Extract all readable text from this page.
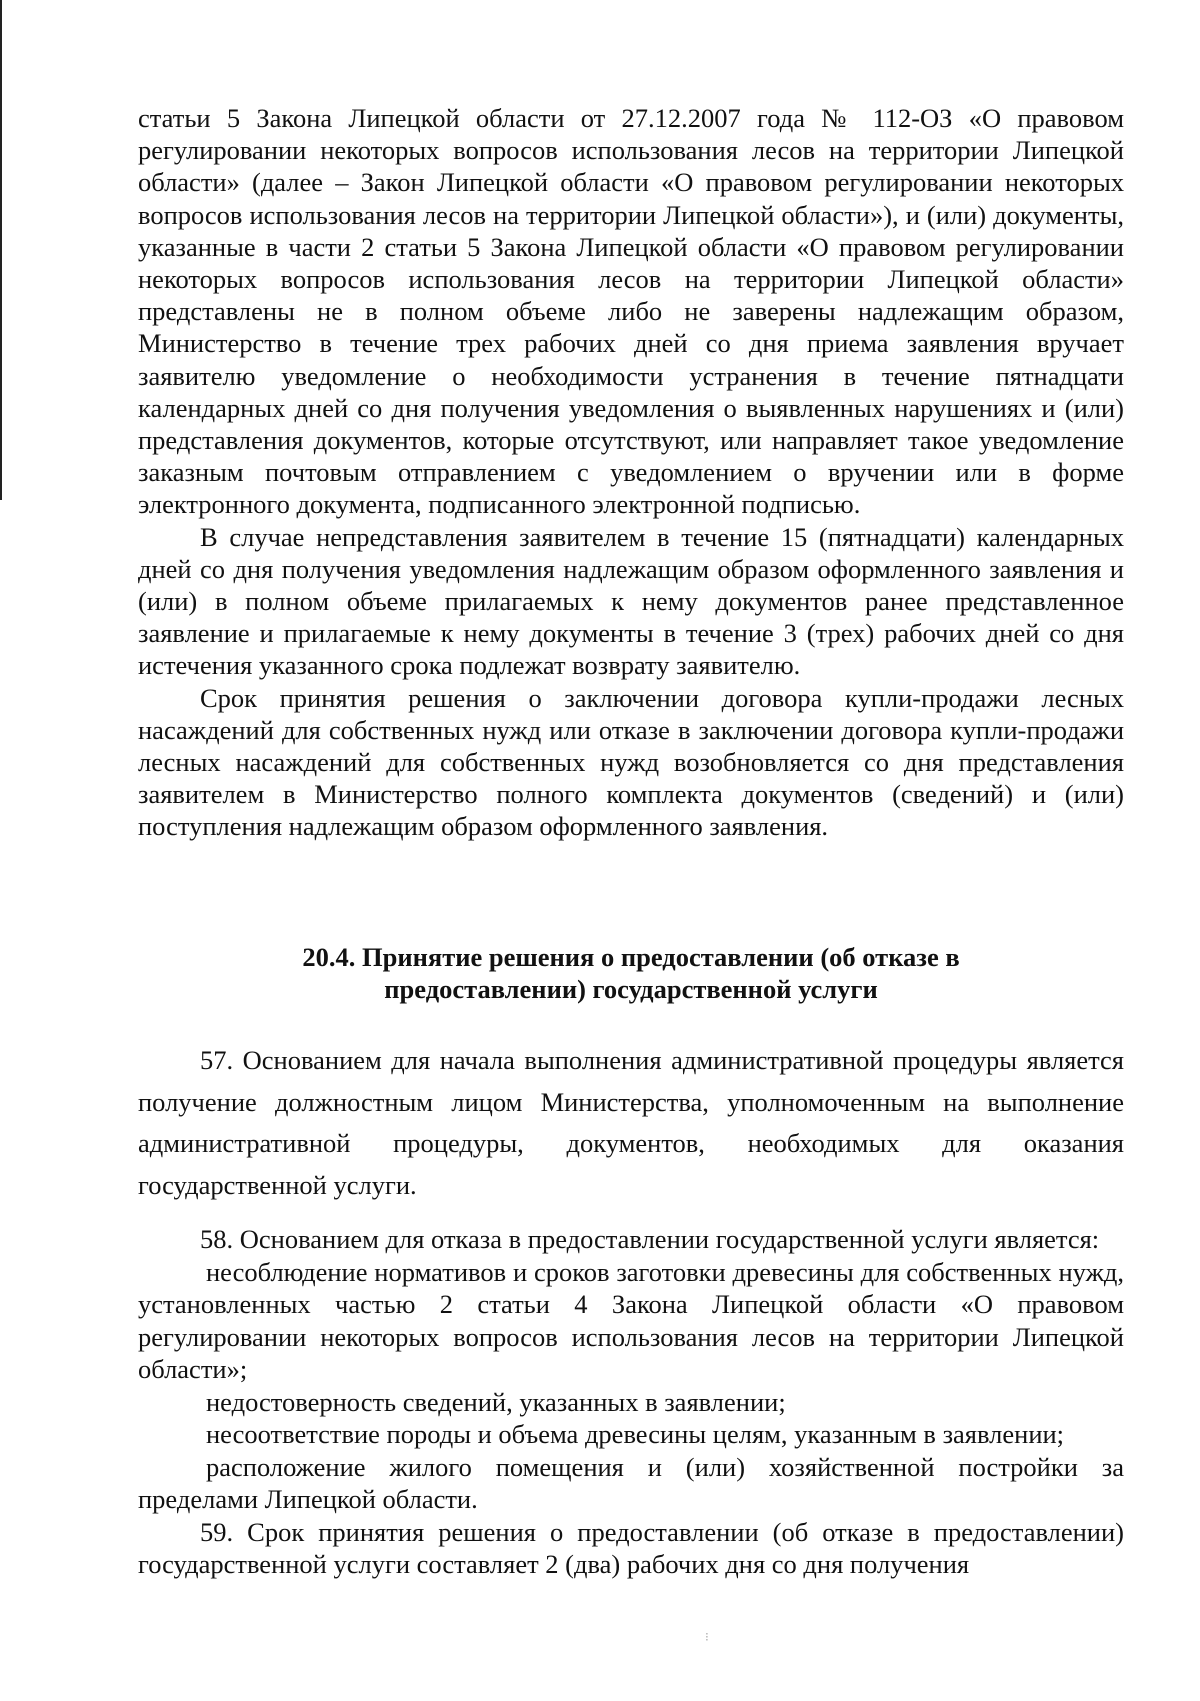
статьи 5 Закона Липецкой области от 27.12.2007 года № 112-ОЗ «О правовом регулировании некоторых вопросов использования лесов на территории Липецкой области» (далее – Закон Липецкой области «О правовом регулировании некоторых вопросов использования лесов на территории Липецкой области»), и (или) документы, указанные в части 2 статьи 5 Закона Липецкой области «О правовом регулировании некоторых вопросов использования лесов на территории Липецкой области» представлены не в полном объеме либо не заверены надлежащим образом, Министерство в течение трех рабочих дней со дня приема заявления вручает заявителю уведомление о необходимости устранения в течение пятнадцати календарных дней со дня получения уведомления о выявленных нарушениях и (или) представления документов, которые отсутствуют, или направляет такое уведомление заказным почтовым отправлением с уведомлением о вручении или в форме электронного документа, подписанного электронной подписью.

В случае непредставления заявителем в течение 15 (пятнадцати) календарных дней со дня получения уведомления надлежащим образом оформленного заявления и (или) в полном объеме прилагаемых к нему документов ранее представленное заявление и прилагаемые к нему документы в течение 3 (трех) рабочих дней со дня истечения указанного срока подлежат возврату заявителю.

Срок принятия решения о заключении договора купли-продажи лесных насаждений для собственных нужд или отказе в заключении договора купли-продажи лесных насаждений для собственных нужд возобновляется со дня представления заявителем в Министерство полного комплекта документов (сведений) и (или) поступления надлежащим образом оформленного заявления.

20.4. Принятие решения о предоставлении (об отказе в
предоставлении) государственной услуги

57. Основанием для начала выполнения административной процедуры является получение должностным лицом Министерства, уполномоченным на выполнение административной процедуры, документов, необходимых для оказания государственной услуги.

58. Основанием для отказа в предоставлении государственной услуги является:

несоблюдение нормативов и сроков заготовки древесины для собственных нужд, установленных частью 2 статьи 4 Закона Липецкой области «О правовом регулировании некоторых вопросов использования лесов на территории Липецкой области»;

недостоверность сведений, указанных в заявлении;

несоответствие породы и объема древесины целям, указанным в заявлении;

расположение жилого помещения и (или) хозяйственной постройки за пределами Липецкой области.

59. Срок принятия решения о предоставлении (об отказе в предоставлении) государственной услуги составляет 2 (два) рабочих дня со дня получения

⁝
